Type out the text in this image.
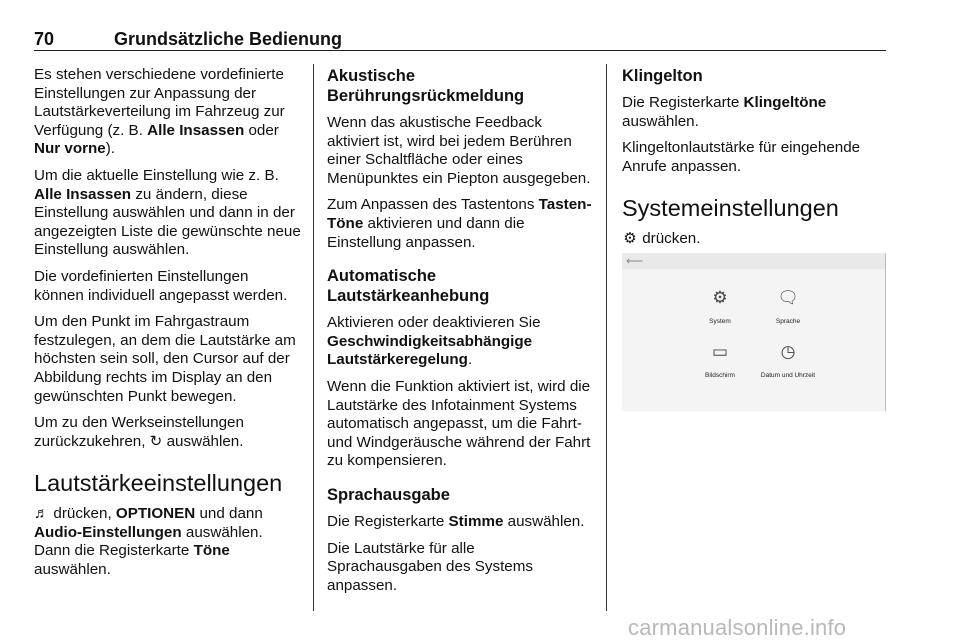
70	Grundsätzliche Bedienung

Es stehen verschiedene vordefinierte Einstellungen zur Anpassung der Lautstärkeverteilung im Fahrzeug zur Verfügung (z. B. Alle Insassen oder Nur vorne).

Um die aktuelle Einstellung wie z. B. Alle Insassen zu ändern, diese Einstellung auswählen und dann in der angezeigten Liste die gewünschte neue Einstellung auswählen.

Die vordefinierten Einstellungen können individuell angepasst werden.

Um den Punkt im Fahrgastraum festzulegen, an dem die Lautstärke am höchsten sein soll, den Cursor auf der Abbildung rechts im Display an den gewünschten Punkt bewegen.

Um zu den Werkseinstellungen zurückzukehren, ↻ auswählen.

Lautstärkeeinstellungen

♬ drücken, OPTIONEN und dann Audio-Einstellungen auswählen. Dann die Registerkarte Töne auswählen.

Akustische Berührungsrückmeldung

Wenn das akustische Feedback aktiviert ist, wird bei jedem Berühren einer Schaltfläche oder eines Menüpunktes ein Piepton ausgegeben.

Zum Anpassen des Tastentons Tasten-Töne aktivieren und dann die Einstellung anpassen.

Automatische Lautstärkeanhebung

Aktivieren oder deaktivieren Sie Geschwindigkeitsabhängige Lautstärkeregelung.

Wenn die Funktion aktiviert ist, wird die Lautstärke des Infotainment Systems automatisch angepasst, um die Fahrt- und Windgeräusche während der Fahrt zu kompensieren.

Sprachausgabe

Die Registerkarte Stimme auswählen.

Die Lautstärke für alle Sprachausgaben des Systems anpassen.

Klingelton

Die Registerkarte Klingeltöne auswählen.

Klingeltonlautstärke für eingehende Anrufe anpassen.

Systemeinstellungen

⚙ drücken.

⟵
⚙
System
🗨
Sprache
▭
Bildschirm
◷
Datum und Uhrzeit
carmanualsonline.info
